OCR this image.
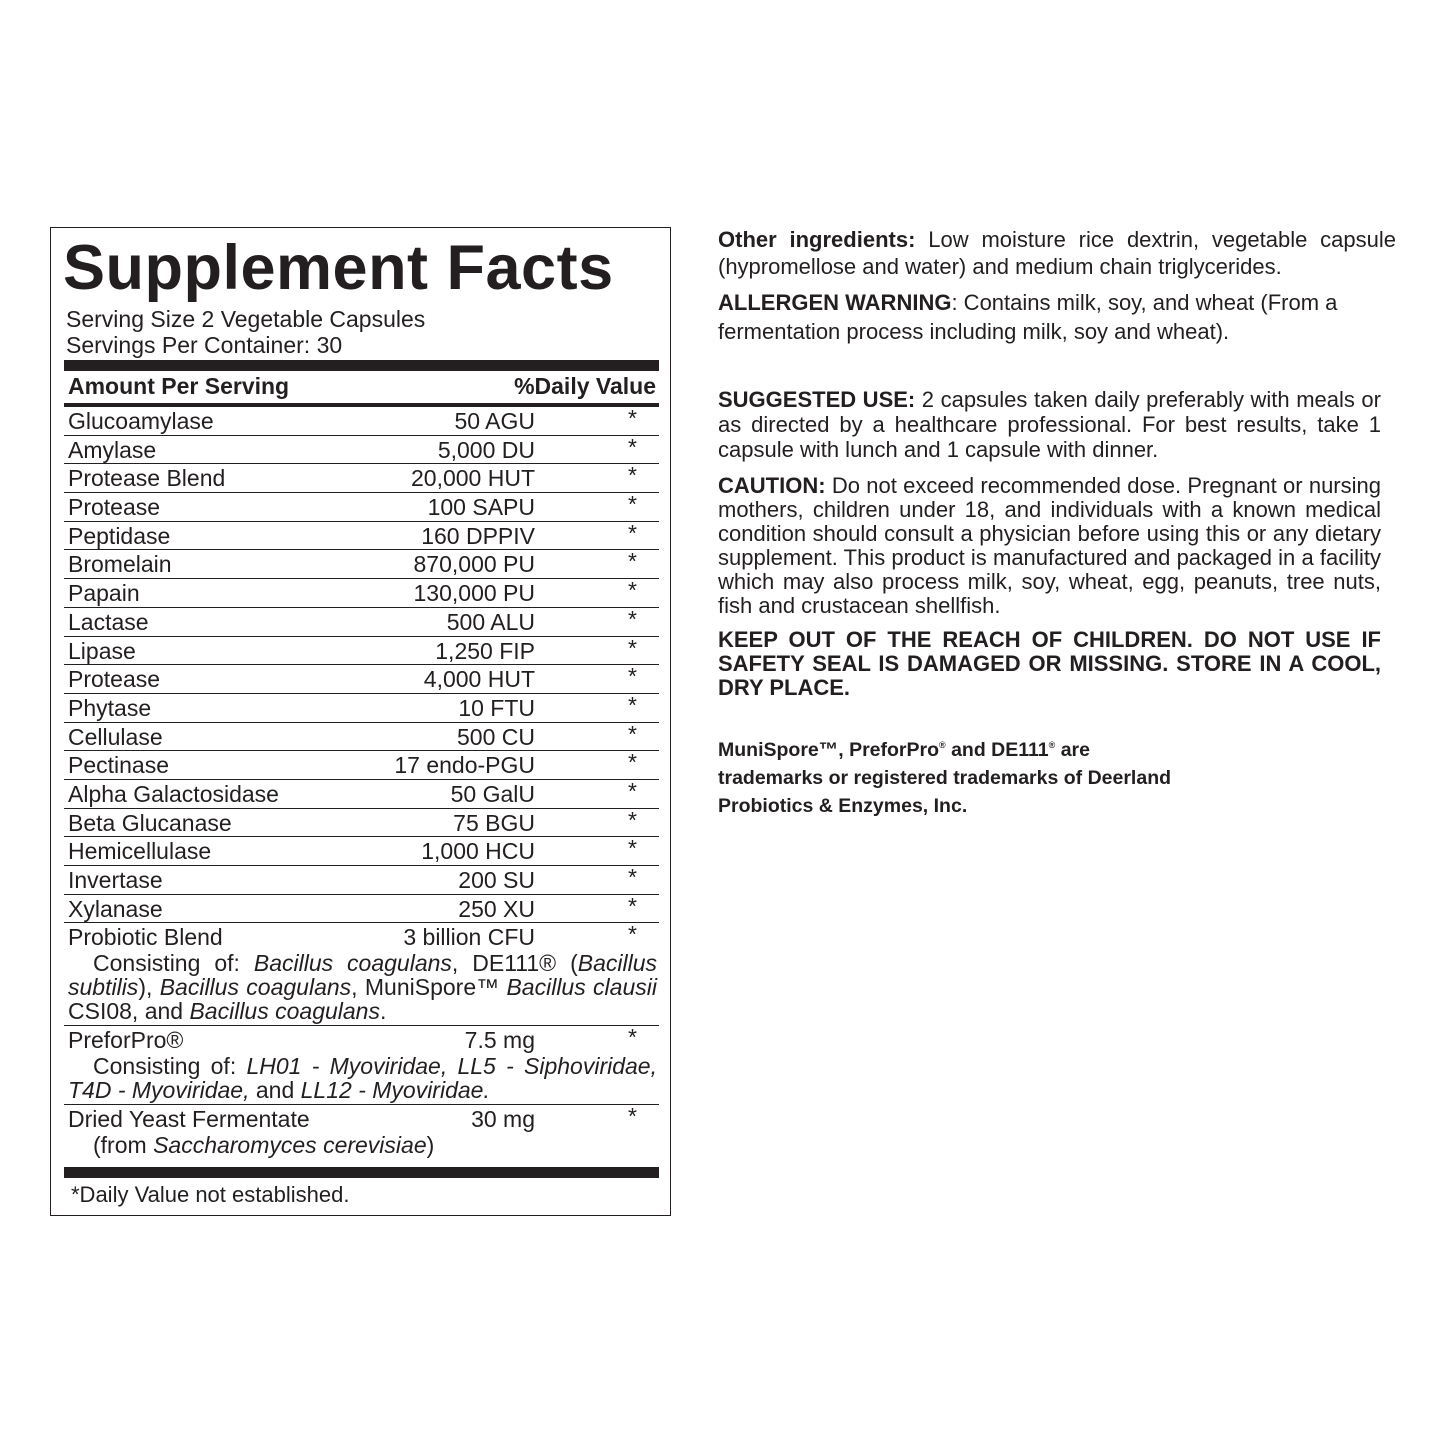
Supplement Facts
Serving Size 2 Vegetable Capsules
Servings Per Container: 30
Amount Per Serving	%Daily Value
Glucoamylase	50 AGU	*
Amylase	5,000 DU	*
Protease Blend	20,000 HUT	*
Protease	100 SAPU	*
Peptidase	160 DPPIV	*
Bromelain	870,000 PU	*
Papain	130,000 PU	*
Lactase	500 ALU	*
Lipase	1,250 FIP	*
Protease	4,000 HUT	*
Phytase	10 FTU	*
Cellulase	500 CU	*
Pectinase	17 endo-PGU	*
Alpha Galactosidase	50 GalU	*
Beta Glucanase	75 BGU	*
Hemicellulase	1,000 HCU	*
Invertase	200 SU	*
Xylanase	250 XU	*
Probiotic Blend	3 billion CFU	*
Consisting of: Bacillus coagulans, DE111® (Bacillus subtilis), Bacillus coagulans, MuniSpore™ Bacillus clausii CSI08, and Bacillus coagulans.
PreforPro®	7.5 mg	*
Consisting of: LH01 - Myoviridae, LL5 - Siphoviridae, T4D - Myoviridae, and LL12 - Myoviridae.
Dried Yeast Fermentate	30 mg	*
(from Saccharomyces cerevisiae)
*Daily Value not established.
Other ingredients: Low moisture rice dextrin, vegetable capsule (hypromellose and water) and medium chain triglycerides.
ALLERGEN WARNING: Contains milk, soy, and wheat (From a fermentation process including milk, soy and wheat).
SUGGESTED USE: 2 capsules taken daily preferably with meals or as directed by a healthcare professional. For best results, take 1 capsule with lunch and 1 capsule with dinner.
CAUTION: Do not exceed recommended dose. Pregnant or nursing mothers, children under 18, and individuals with a known medical condition should consult a physician before using this or any dietary supplement. This product is manufactured and packaged in a facility which may also process milk, soy, wheat, egg, peanuts, tree nuts, fish and crustacean shellfish.
KEEP OUT OF THE REACH OF CHILDREN. DO NOT USE IF SAFETY SEAL IS DAMAGED OR MISSING. STORE IN A COOL, DRY PLACE.
MuniSpore™, PreforPro® and DE111® are
trademarks or registered trademarks of Deerland
Probiotics & Enzymes, Inc.
